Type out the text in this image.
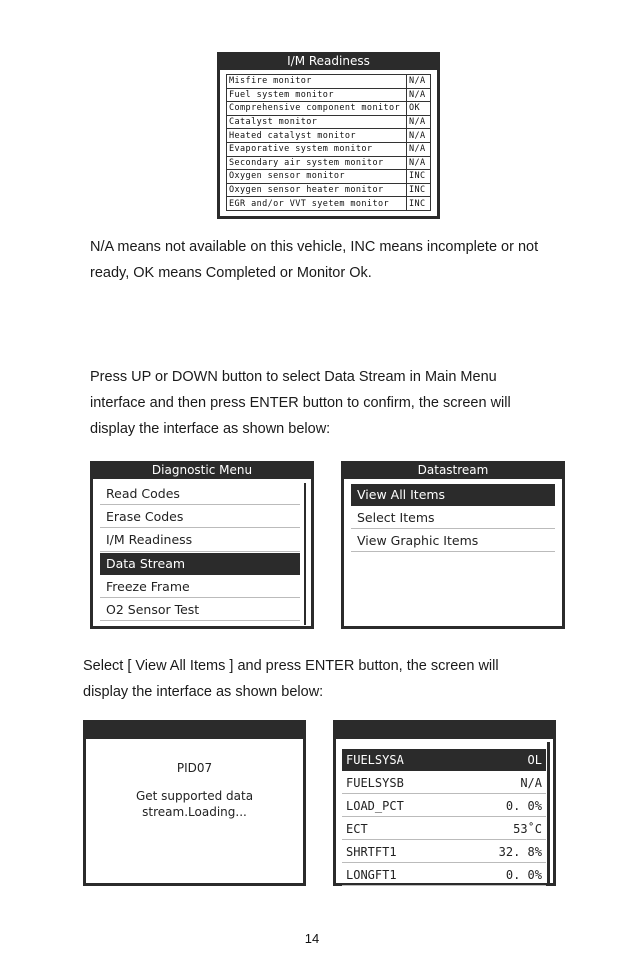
I/M Readiness
Misfire monitor	N/A
Fuel system monitor	N/A
Comprehensive component monitor	OK
Catalyst monitor	N/A
Heated catalyst monitor	N/A
Evaporative system monitor	N/A
Secondary air system monitor	N/A
Oxygen sensor monitor	INC
Oxygen sensor heater monitor	INC
EGR and/or VVT syetem monitor	INC
N/A means not available on this vehicle, INC means incomplete or not ready, OK means Completed or Monitor Ok.
Press UP or DOWN button to select Data Stream in Main Menu interface and then press ENTER button to confirm, the screen will display the interface as shown below:
Diagnostic Menu
Read Codes
Erase Codes
I/M Readiness
Data Stream
Freeze Frame
O2 Sensor Test
Datastream
View All Items
Select Items
View Graphic Items
Select [ View All Items ] and press ENTER button, the screen will display the interface as shown below:
PID07
Get supported data
stream.Loading...
FUELSYSA	OL
FUELSYSB	N/A
LOAD_PCT	0. 0%
ECT	53˚C
SHRTFT1	32. 8%
LONGFT1	0. 0%
14
